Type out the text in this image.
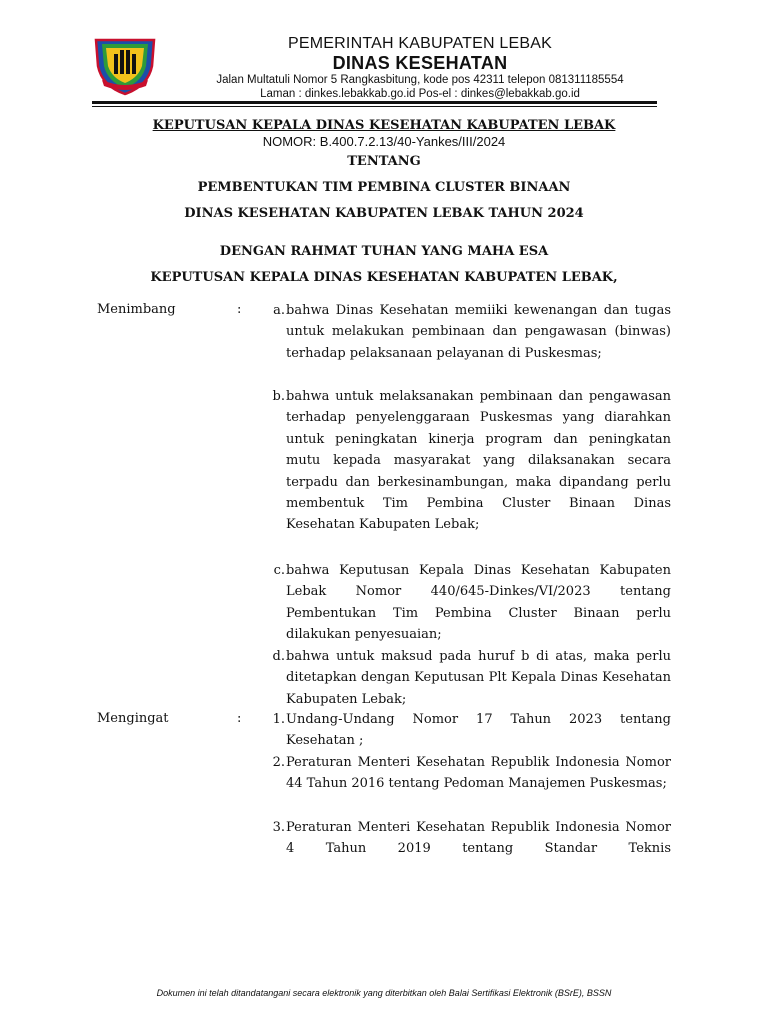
PEMERINTAH KABUPATEN LEBAK
DINAS KESEHATAN
Jalan Multatuli Nomor 5 Rangkasbitung, kode pos 42311 telepon 081311185554
Laman : dinkes.lebakkab.go.id Pos-el : dinkes@lebakkab.go.id
KEPUTUSAN KEPALA DINAS KESEHATAN KABUPATEN LEBAK
NOMOR: B.400.7.2.13/40-Yankes/III/2024
TENTANG
PEMBENTUKAN TIM PEMBINA CLUSTER BINAAN
DINAS KESEHATAN KABUPATEN LEBAK TAHUN 2024
DENGAN RAHMAT TUHAN YANG MAHA ESA
KEPUTUSAN KEPALA DINAS KESEHATAN KABUPATEN LEBAK,
Menimbang	:	a. bahwa Dinas Kesehatan memiiki kewenangan dan tugas untuk melakukan pembinaan dan pengawasan (binwas) terhadap pelaksanaan pelayanan di Puskesmas;
b. bahwa untuk melaksanakan pembinaan dan pengawasan terhadap penyelenggaraan Puskesmas yang diarahkan untuk peningkatan kinerja program dan peningkatan mutu kepada masyarakat yang dilaksanakan secara terpadu dan berkesinambungan, maka dipandang perlu membentuk Tim Pembina Cluster Binaan Dinas Kesehatan Kabupaten Lebak;
c. bahwa Keputusan Kepala Dinas Kesehatan Kabupaten Lebak Nomor 440/645-Dinkes/VI/2023 tentang Pembentukan Tim Pembina Cluster Binaan perlu dilakukan penyesuaian;
d. bahwa untuk maksud pada huruf b di atas, maka perlu ditetapkan dengan Keputusan Plt Kepala Dinas Kesehatan Kabupaten Lebak;
Mengingat	:	1. Undang-Undang Nomor 17 Tahun 2023 tentang Kesehatan ;
2. Peraturan Menteri Kesehatan Republik Indonesia Nomor 44 Tahun 2016 tentang Pedoman Manajemen Puskesmas;
3. Peraturan Menteri Kesehatan Republik Indonesia Nomor 4 Tahun 2019 tentang Standar Teknis
Dokumen ini telah ditandatangani secara elektronik yang diterbitkan oleh Balai Sertifikasi Elektronik (BSrE), BSSN
